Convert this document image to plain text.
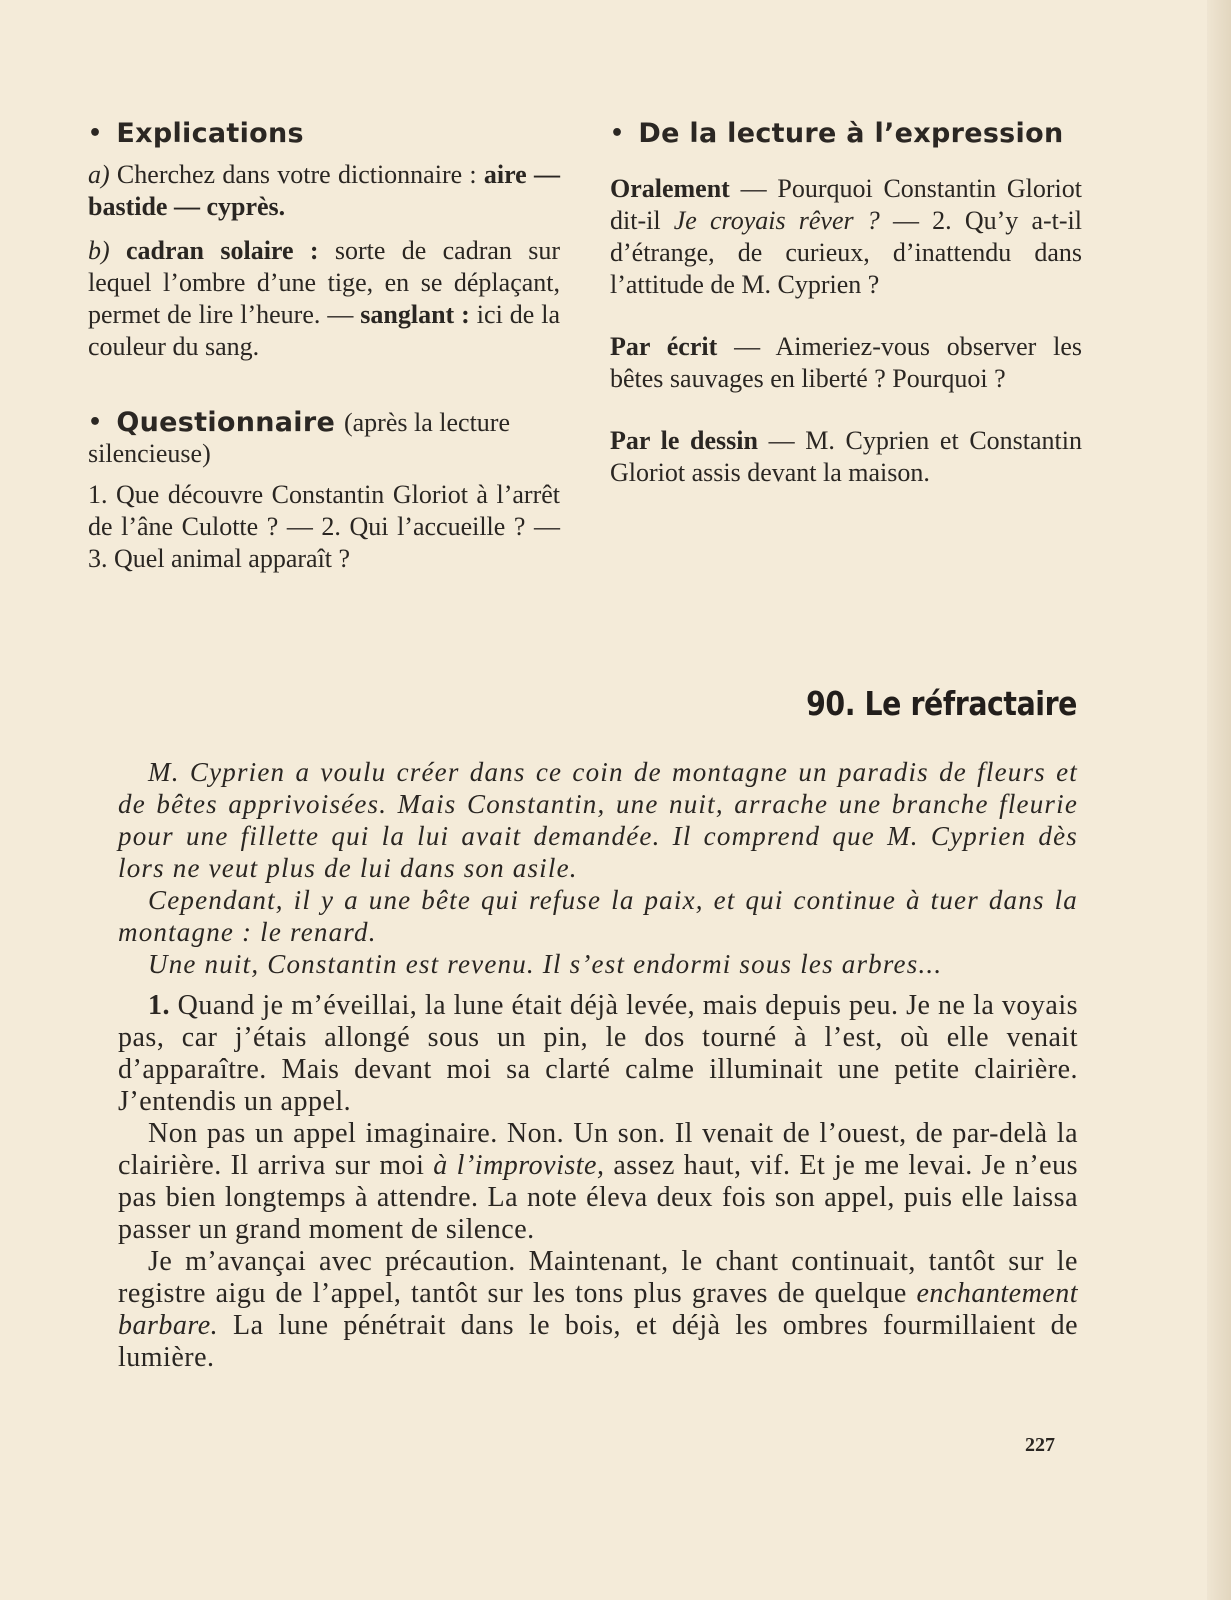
• Explications

a) Cherchez dans votre dictionnaire : aire — bastide — cyprès.

b) cadran solaire : sorte de cadran sur lequel l’ombre d’une tige, en se déplaçant, permet de lire l’heure. — sanglant : ici de la couleur du sang.

• Questionnaire (après la lecture silencieuse)

1. Que découvre Constantin Gloriot à l’arrêt de l’âne Culotte ? — 2. Qui l’accueille ? — 3. Quel animal apparaît ?

• De la lecture à l’expression

Oralement — Pourquoi Constantin Gloriot dit-il Je croyais rêver ? — 2. Qu’y a-t-il d’étrange, de curieux, d’inattendu dans l’attitude de M. Cyprien ?

Par écrit — Aimeriez-vous observer les bêtes sauvages en liberté ? Pourquoi ?

Par le dessin — M. Cyprien et Constantin Gloriot assis devant la maison.

90. Le réfractaire

M. Cyprien a voulu créer dans ce coin de montagne un paradis de fleurs et de bêtes apprivoisées. Mais Constantin, une nuit, arrache une branche fleurie pour une fillette qui la lui avait demandée. Il comprend que M. Cyprien dès lors ne veut plus de lui dans son asile.

Cependant, il y a une bête qui refuse la paix, et qui continue à tuer dans la montagne : le renard.

Une nuit, Constantin est revenu. Il s’est endormi sous les arbres...

1. Quand je m’éveillai, la lune était déjà levée, mais depuis peu. Je ne la voyais pas, car j’étais allongé sous un pin, le dos tourné à l’est, où elle venait d’apparaître. Mais devant moi sa clarté calme illuminait une petite clairière. J’entendis un appel.

Non pas un appel imaginaire. Non. Un son. Il venait de l’ouest, de par-delà la clairière. Il arriva sur moi à l’improviste, assez haut, vif. Et je me levai. Je n’eus pas bien longtemps à attendre. La note éleva deux fois son appel, puis elle laissa passer un grand moment de silence.

Je m’avançai avec précaution. Maintenant, le chant continuait, tantôt sur le registre aigu de l’appel, tantôt sur les tons plus graves de quelque enchantement barbare. La lune pénétrait dans le bois, et déjà les ombres fourmillaient de lumière.

227
